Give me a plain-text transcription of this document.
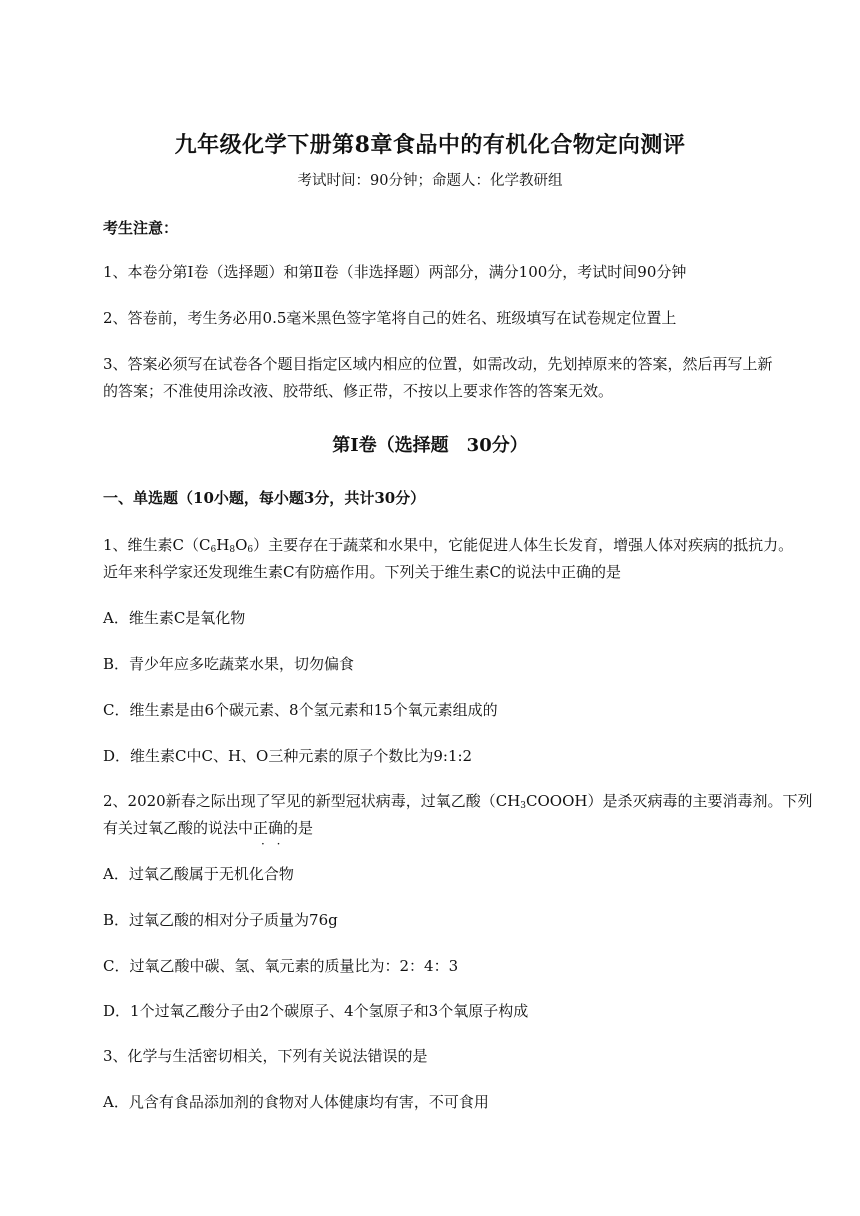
九年级化学下册第8章食品中的有机化合物定向测评
考试时间：90分钟；命题人：化学教研组
考生注意：
1、本卷分第Ⅰ卷（选择题）和第Ⅱ卷（非选择题）两部分，满分100分，考试时间90分钟
2、答卷前，考生务必用0.5毫米黑色签字笔将自己的姓名、班级填写在试卷规定位置上
3、答案必须写在试卷各个题目指定区域内相应的位置，如需改动，先划掉原来的答案，然后再写上新
的答案；不准使用涂改液、胶带纸、修正带，不按以上要求作答的答案无效。
第Ⅰ卷（选择题　30分）
一、单选题（10小题，每小题3分，共计30分）
1、维生素$C(C_6H_8O_6)$主要存在于蔬菜和水果中，它能促进人体生长发育，增强人体对疾病的抵抗力。
近年来科学家还发现维生素C有防癌作用。下列关于维生素C的说法中正确的是
A．维生素C是氧化物
B．青少年应多吃蔬菜水果，切勿偏食
C．维生素是由6个碳元素、8个氢元素和15个氧元素组成的
D．维生素C中C、H、O三种元素的原子个数比为9:1:2
2、2020新春之际出现了罕见的新型冠状病毒，过氧乙酸$(CH_3COOOH)$是杀灭病毒的主要消毒剂。下列
有关过氧乙酸的说法中正确 · ·的是
A．过氧乙酸属于无机化合物
B．过氧乙酸的相对分子质量为76g
C．过氧乙酸中碳、氢、氧元素的质量比为：2：4：3
D．1个过氧乙酸分子由2个碳原子、4个氢原子和3个氧原子构成
3、化学与生活密切相关，下列有关说法错误的是
A．凡含有食品添加剂的食物对人体健康均有害，不可食用
